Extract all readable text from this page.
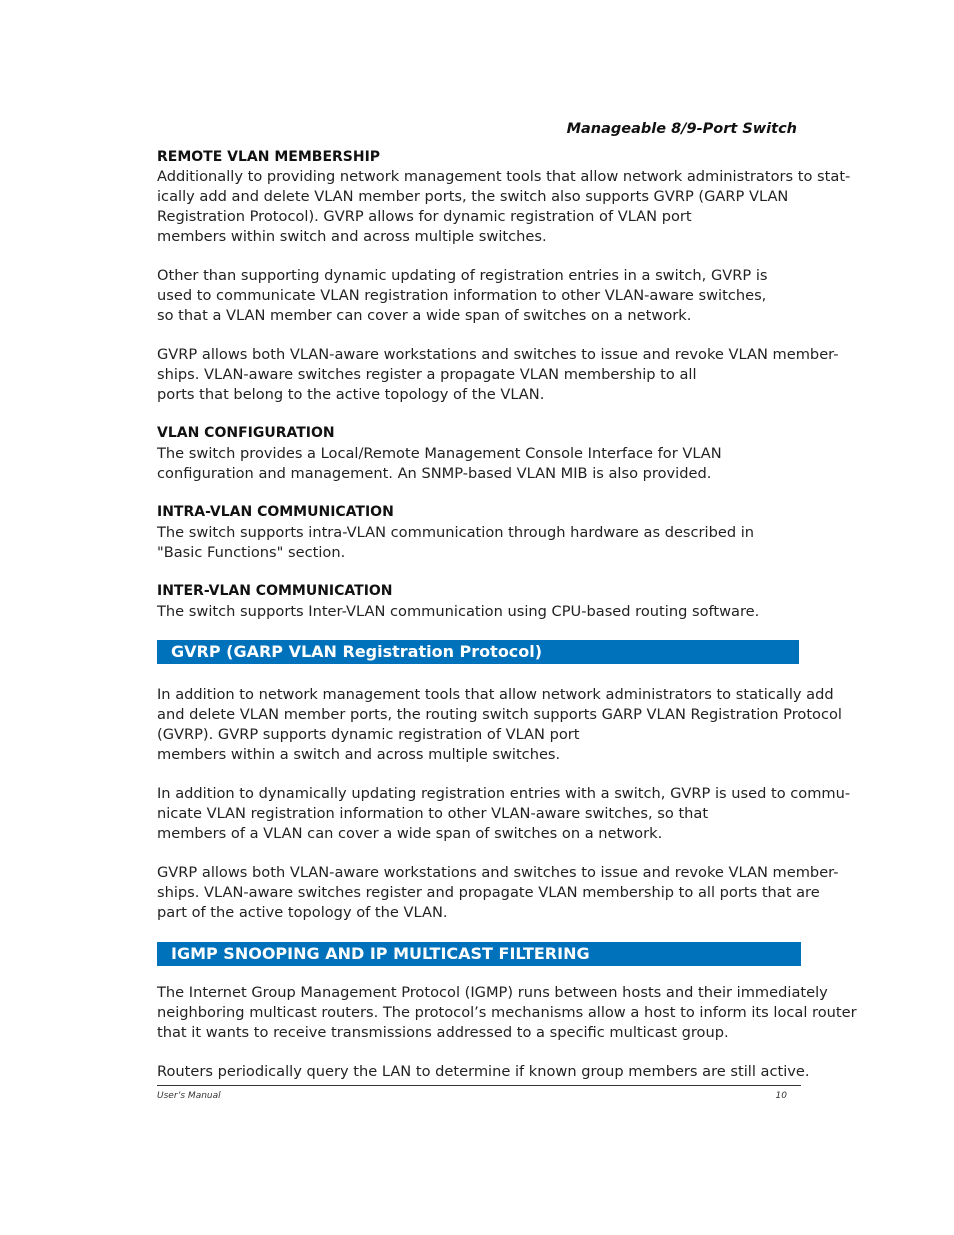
Manageable 8/9-Port Switch
REMOTE VLAN MEMBERSHIP
Additionally to providing network management tools that allow network administrators to stat-
ically add and delete VLAN member ports, the switch also supports GVRP (GARP VLAN
Registration Protocol). GVRP allows for dynamic registration of VLAN port
members within switch and across multiple switches.
Other than supporting dynamic updating of registration entries in a switch, GVRP is
used to communicate VLAN registration information to other VLAN-aware switches,
so that a VLAN member can cover a wide span of switches on a network.
GVRP allows both VLAN-aware workstations and switches to issue and revoke VLAN member-
ships. VLAN-aware switches register a propagate VLAN membership to all
ports that belong to the active topology of the VLAN.
VLAN CONFIGURATION
The switch provides a Local/Remote Management Console Interface for VLAN
configuration and management. An SNMP-based VLAN MIB is also provided.
INTRA-VLAN COMMUNICATION
The switch supports intra-VLAN communication through hardware as described in
"Basic Functions" section.
INTER-VLAN COMMUNICATION
The switch supports Inter-VLAN communication using CPU-based routing software.
GVRP (GARP VLAN Registration Protocol)
In addition to network management tools that allow network administrators to statically add
and delete VLAN member ports, the routing switch supports GARP VLAN Registration Protocol
(GVRP). GVRP supports dynamic registration of VLAN port
members within a switch and across multiple switches.
In addition to dynamically updating registration entries with a switch, GVRP is used to commu-
nicate VLAN registration information to other VLAN-aware switches, so that
members of a VLAN can cover a wide span of switches on a network.
GVRP allows both VLAN-aware workstations and switches to issue and revoke VLAN member-
ships. VLAN-aware switches register and propagate VLAN membership to all ports that are
part of the active topology of the VLAN.
IGMP SNOOPING AND IP MULTICAST FILTERING
The Internet Group Management Protocol (IGMP) runs between hosts and their immediately
neighboring multicast routers. The protocol’s mechanisms allow a host to inform its local router
that it wants to receive transmissions addressed to a specific multicast group.
Routers periodically query the LAN to determine if known group members are still active.
User’s Manual	10
